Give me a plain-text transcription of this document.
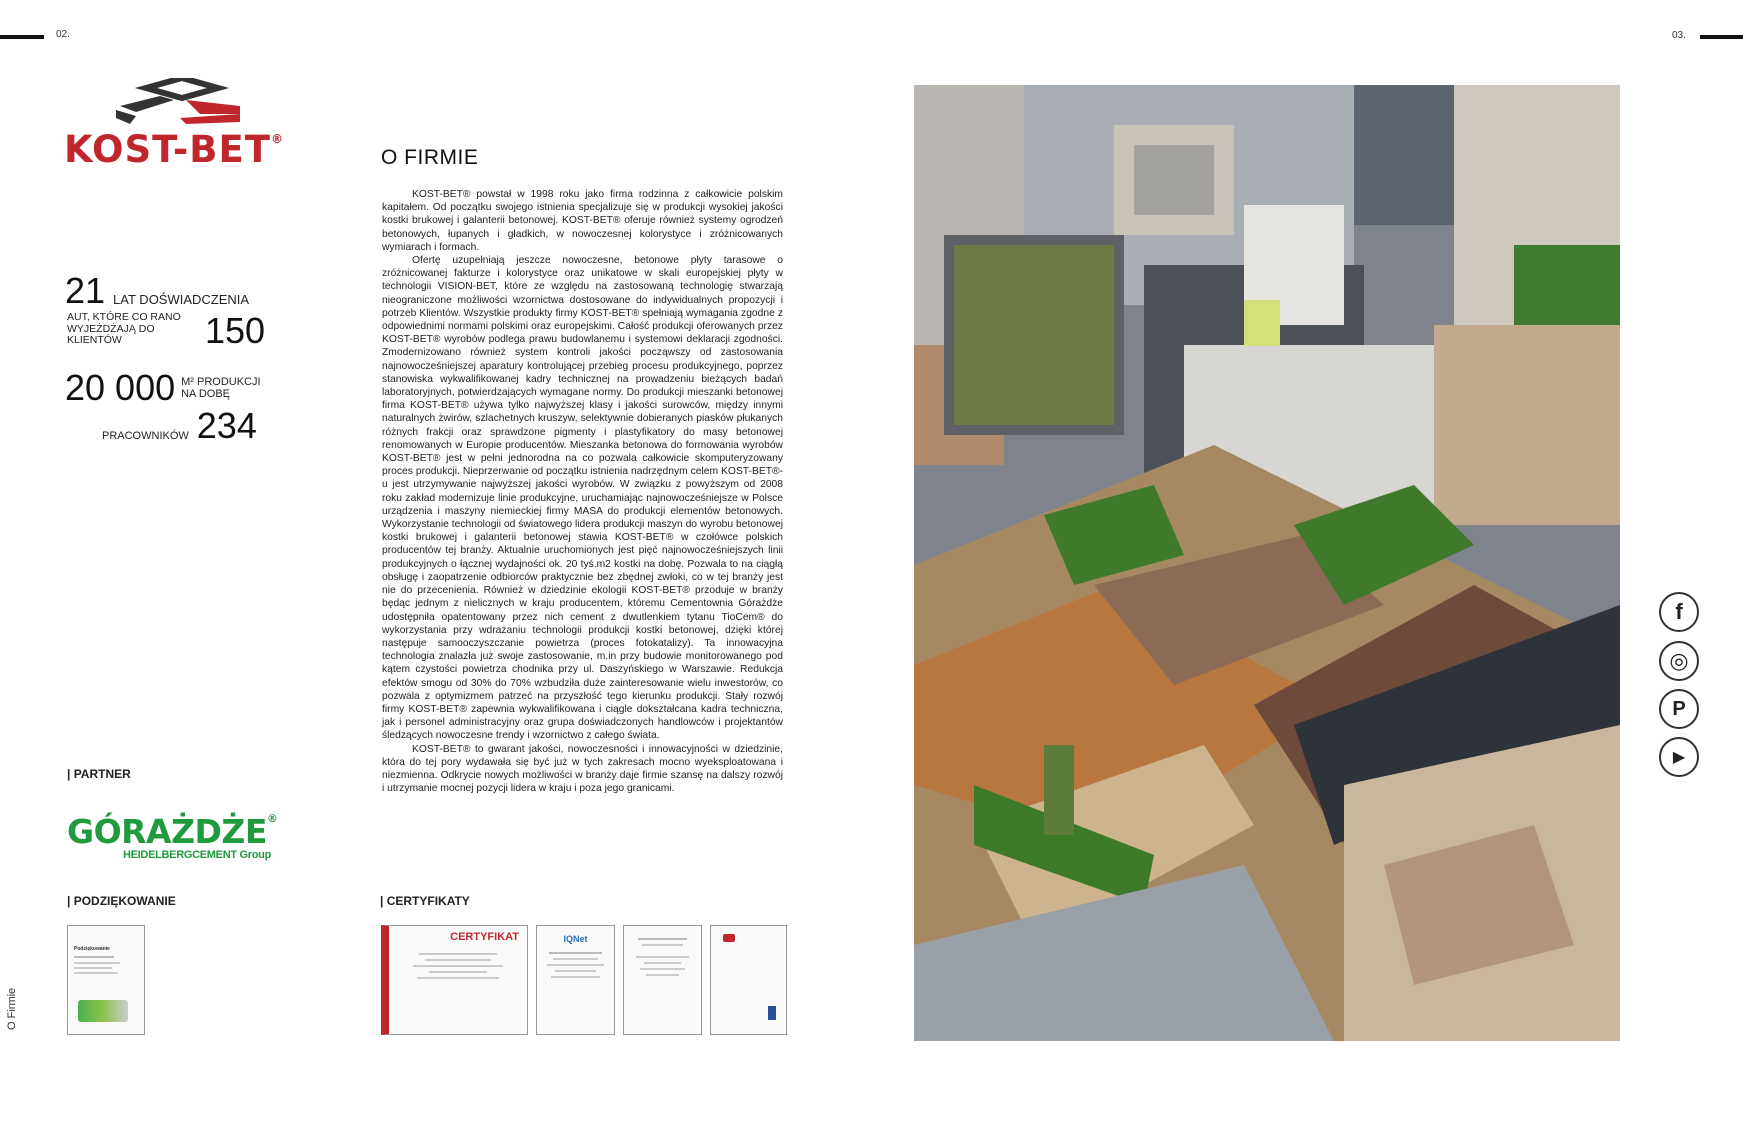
02.	03.
KOST-BET®
21 LAT DOŚWIADCZENIA
AUT, KTÓRE CO RANO WYJEŻDŻAJĄ DO KLIENTÓW	150
20 000 M² PRODUKCJI NA DOBĘ
PRACOWNIKÓW 234
| PARTNER
GÓRAŻDŻE®
HEIDELBERGCEMENT Group
| PODZIĘKOWANIE
Podziękowanie
O FIRMIE

KOST-BET® powstał w 1998 roku jako firma rodzinna z całkowicie polskim kapitałem. Od początku swojego istnienia specjalizuje się w produkcji wysokiej jakości kostki brukowej i galanterii betonowej. KOST-BET® oferuje również systemy ogrodzeń betonowych, łupanych i gładkich, w nowoczesnej kolorystyce i zróżnicowanych wymiarach i formach.

Ofertę uzupełniają jeszcze nowoczesne, betonowe płyty tarasowe o zróżnicowanej fakturze i kolorystyce oraz unikatowe w skali europejskiej płyty w technologii VISION-BET, które ze względu na zastosowaną technologię stwarzają nieograniczone możliwości wzornictwa dostosowane do indywidualnych propozycji i potrzeb Klientów. Wszystkie produkty firmy KOST-BET® spełniają wymagania zgodne z odpowiednimi normami polskimi oraz europejskimi. Całość produkcji oferowanych przez KOST-BET® wyrobów podlega prawu budowlanemu i systemowi deklaracji zgodności. Zmodernizowano również system kontroli jakości począwszy od zastosowania najnowocześniejszej aparatury kontrolującej przebieg procesu produkcyjnego, poprzez stanowiska wykwalifikowanej kadry technicznej na prowadzeniu bieżących badań laboratoryjnych, potwierdzających wymagane normy. Do produkcji mieszanki betonowej firma KOST-BET® używa tylko najwyższej klasy i jakości surowców, między innymi naturalnych żwirów, szlachetnych kruszyw, selektywnie dobieranych piasków płukanych różnych frakcji oraz sprawdzone pigmenty i plastyfikatory do masy betonowej renomowanych w Europie producentów. Mieszanka betonowa do formowania wyrobów KOST-BET® jest w pełni jednorodna na co pozwala całkowicie skomputeryzowany proces produkcji. Nieprzerwanie od początku istnienia nadrzędnym celem KOST-BET®-u jest utrzymywanie najwyższej jakości wyrobów. W związku z powyższym od 2008 roku zakład modernizuje linie produkcyjne, uruchamiając najnowocześniejsze w Polsce urządzenia i maszyny niemieckiej firmy MASA do produkcji elementów betonowych. Wykorzystanie technologii od światowego lidera produkcji maszyn do wyrobu betonowej kostki brukowej i galanterii betonowej stawia KOST-BET® w czołówce polskich producentów tej branży. Aktualnie uruchomionych jest pięć najnowocześniejszych linii produkcyjnych o łącznej wydajności ok. 20 tyś.m2 kostki na dobę. Pozwala to na ciągłą obsługę i zaopatrzenie odbiorców praktycznie bez zbędnej zwłoki, co w tej branży jest nie do przecenienia. Również w dziedzinie ekologii KOST-BET® przoduje w branży będąc jednym z nielicznych w kraju producentem, któremu Cementownia Górażdże udostępniła opatentowany przez nich cement z dwutlenkiem tytanu TioCem® do wykorzystania przy wdrażaniu technologii produkcji kostki betonowej, dzięki której następuje samooczyszczanie powietrza (proces fotokatalizy). Ta innowacyjna technologia znalazła już swoje zastosowanie, m.in przy budowie monitorowanego pod kątem czystości powietrza chodnika przy ul. Daszyńskiego w Warszawie. Redukcja efektów smogu od 30% do 70% wzbudziła duże zainteresowanie wielu inwestorów, co pozwala z optymizmem patrzeć na przyszłość tego kierunku produkcji. Stały rozwój firmy KOST-BET® zapewnia wykwalifikowana i ciągle dokształcana kadra techniczna, jak i personel administracyjny oraz grupa doświadczonych handlowców i projektantów śledzących nowoczesne trendy i wzornictwo z całego świata.

KOST-BET® to gwarant jakości, nowoczesności i innowacyjności w dziedzinie, która do tej pory wydawała się być już w tych zakresach mocno wyeksploatowana i niezmienna. Odkrycie nowych możliwości w branży daje firmie szansę na dalszy rozwój i utrzymanie mocnej pozycji lidera w kraju i poza jego granicami.

| CERTYFIKATY
CERTYFIKAT	IQNet
O Firmie
f
◎
P
▶
